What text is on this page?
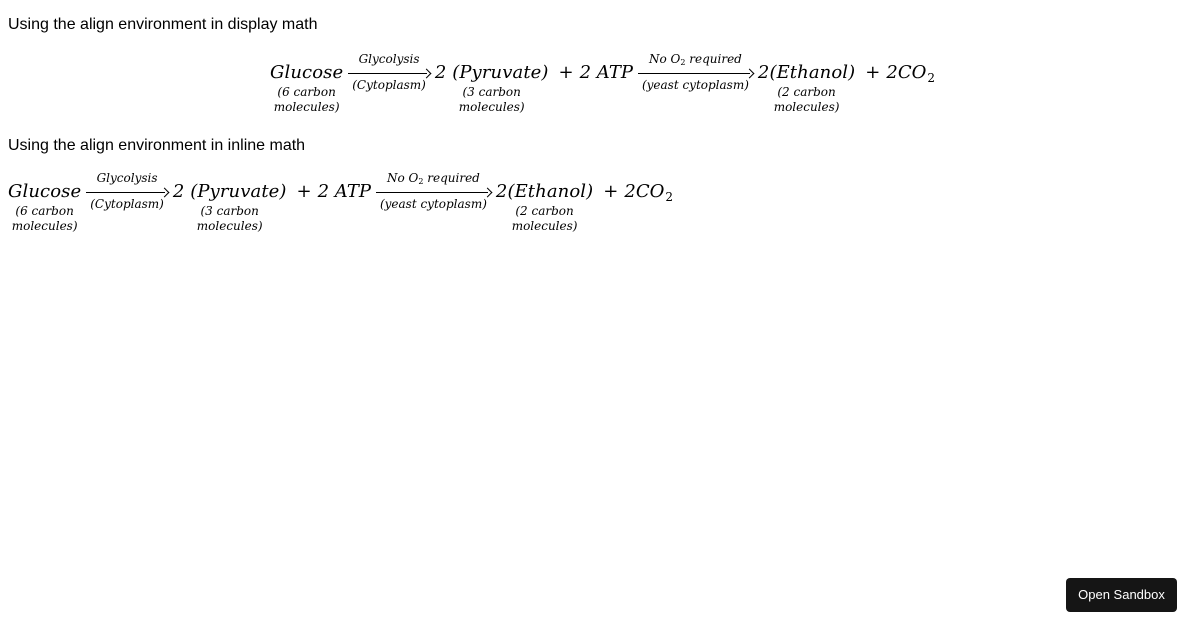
Using the align environment in display math
Glucose
(6 carbon
molecules)
Glycolysis
(Cytoplasm)
2 (Pyruvate)
(3 carbon
molecules)
+ 2 ATP
No O2 required
(yeast cytoplasm)
2(Ethanol)
(2 carbon
molecules)
+ 2CO 2
Using the align environment in inline math
Glucose
(6 carbon
molecules)
Glycolysis
(Cytoplasm)
2 (Pyruvate)
(3 carbon
molecules)
+ 2 ATP
No O2 required
(yeast cytoplasm)
2(Ethanol)
(2 carbon
molecules)
+ 2CO 2
Open Sandbox
